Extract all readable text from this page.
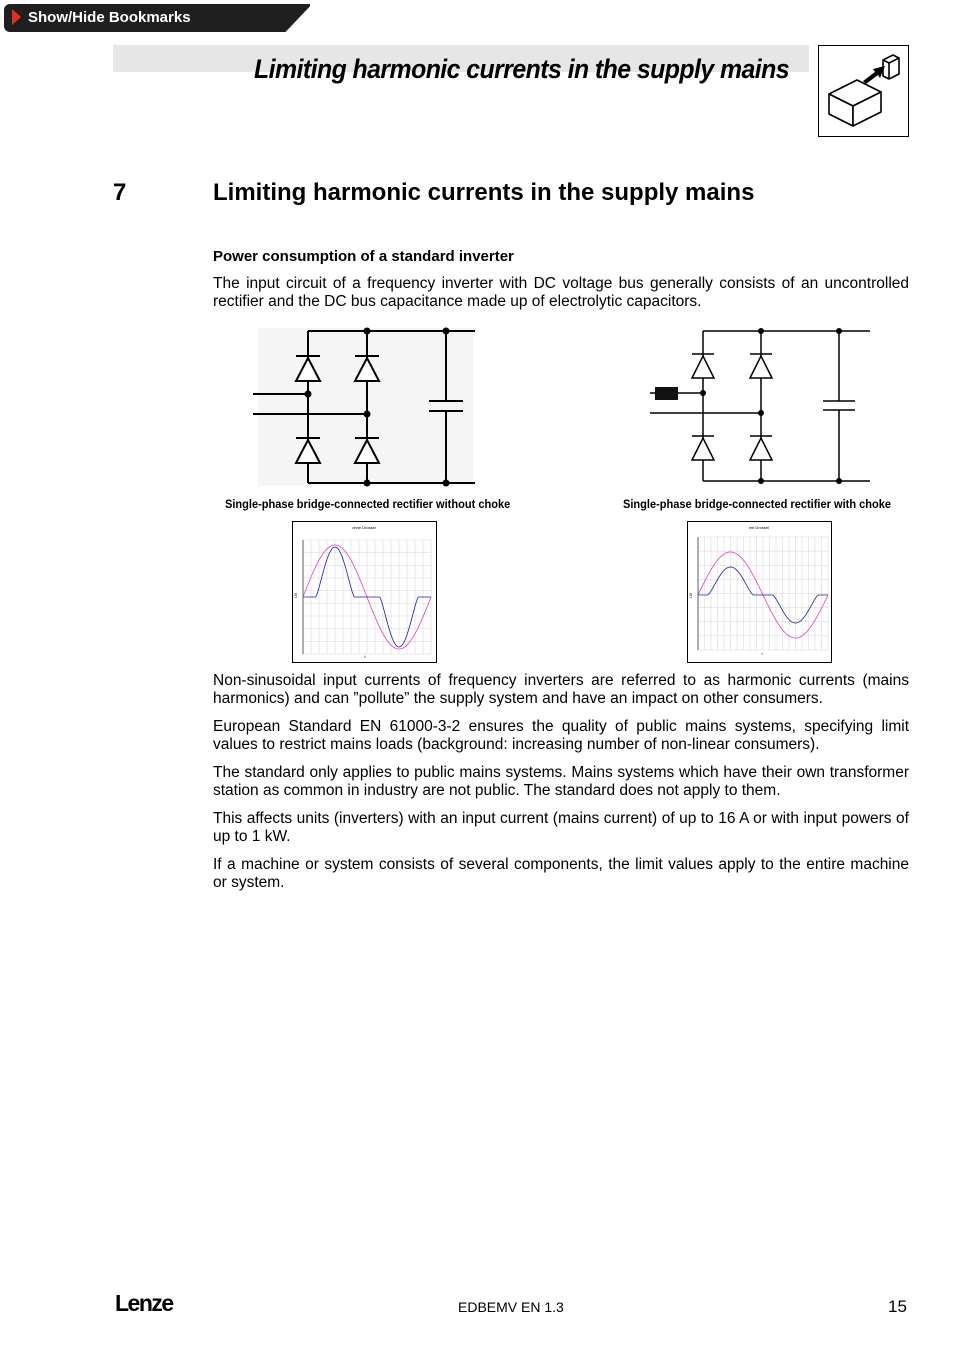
Show/Hide Bookmarks
Limiting harmonic currents in the supply mains
7	Limiting harmonic currents in the supply mains
Power consumption of a standard inverter
The input circuit of a frequency inverter with DC voltage bus generally consists of an uncontrolled rectifier and the DC bus capacitance made up of electrolytic capacitors.
Single-phase bridge-connected rectifier without choke	Single-phase bridge-connected rectifier with choke
ohne Drossel
U/I
t
mit Drossel
U/I
t
Non-sinusoidal input currents of frequency inverters are referred to as harmonic currents (mains harmonics) and can ”pollute” the supply system and have an impact on other consumers.
European Standard EN 61000-3-2 ensures the quality of public mains systems, specifying limit values to restrict mains loads (background: increasing number of non-linear consumers).
The standard only applies to public mains systems. Mains systems which have their own transformer station as common in industry are not public. The standard does not apply to them.
This affects units (inverters) with an input current (mains current) of up to 16 A or with input powers of up to 1 kW.
If a machine or system consists of several components, the limit values apply to the entire machine or system.
Lenze	EDBEMV EN 1.3	15
